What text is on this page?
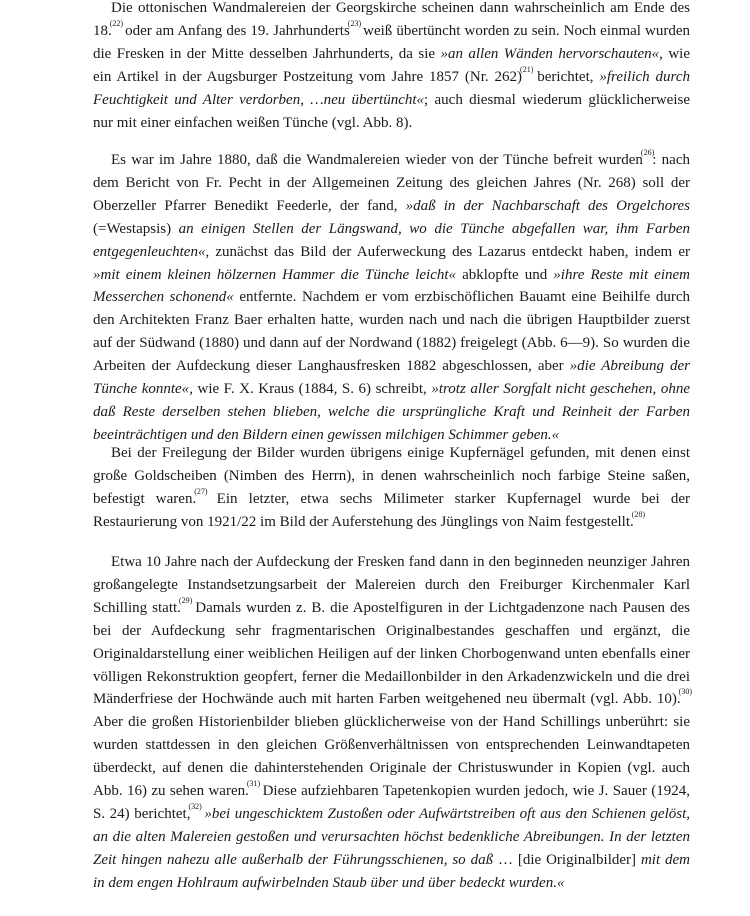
Die ottonischen Wandmalereien der Georgskirche scheinen dann wahrscheinlich am Ende des 18.$^{(22)}$ oder am Anfang des 19. Jahrhunderts$^{(23)}$ weiß übertüncht worden zu sein. Noch einmal wurden die Fresken in der Mitte desselben Jahrhunderts, da sie »an allen Wänden hervorschauten«, wie ein Artikel in der Augsburger Postzeitung vom Jahre 1857 (Nr. 262)$^{(21)}$ berichtet, »freilich durch Feuchtigkeit und Alter verdorben, …neu übertüncht«; auch diesmal wiederum glücklicherweise nur mit einer einfachen weißen Tünche (vgl. Abb. 8).

Es war im Jahre 1880, daß die Wandmalereien wieder von der Tünche befreit wurden$^{(26)}$: nach dem Bericht von Fr. Pecht in der Allgemeinen Zeitung des gleichen Jahres (Nr. 268) soll der Oberzeller Pfarrer Benedikt Feederle, der fand, »daß in der Nachbarschaft des Orgelchores (=Westapsis) an einigen Stellen der Längswand, wo die Tünche abgefallen war, ihm Farben entgegenleuchten«, zunächst das Bild der Auferweckung des Lazarus entdeckt haben, indem er »mit einem kleinen hölzernen Hammer die Tünche leicht« abklopfte und »ihre Reste mit einem Messerchen schonend« entfernte. Nachdem er vom erzbischöflichen Bauamt eine Beihilfe durch den Architekten Franz Baer erhalten hatte, wurden nach und nach die übrigen Hauptbilder zuerst auf der Südwand (1880) und dann auf der Nordwand (1882) freigelegt (Abb. 6—9). So wurden die Arbeiten der Aufdeckung dieser Langhausfresken 1882 abgeschlossen, aber »die Abreibung der Tünche konnte«, wie F. X. Kraus (1884, S. 6) schreibt, »trotz aller Sorgfalt nicht geschehen, ohne daß Reste derselben stehen blieben, welche die ursprüngliche Kraft und Reinheit der Farben beeinträchtigen und den Bildern einen gewissen milchigen Schimmer geben.«

Bei der Freilegung der Bilder wurden übrigens einige Kupfernägel gefunden, mit denen einst große Goldscheiben (Nimben des Herrn), in denen wahrscheinlich noch farbige Steine saßen, befestigt waren.$^{(27)}$ Ein letzter, etwa sechs Milimeter starker Kupfernagel wurde bei der Restaurierung von 1921/22 im Bild der Auferstehung des Jünglings von Naim festgestellt.$^{(28)}$

Etwa 10 Jahre nach der Aufdeckung der Fresken fand dann in den beginneden neunziger Jahren großangelegte Instandsetzungsarbeit der Malereien durch den Freiburger Kirchenmaler Karl Schilling statt.$^{(29)}$ Damals wurden z. B. die Apostelfiguren in der Lichtgadenzone nach Pausen des bei der Aufdeckung sehr fragmentarischen Originalbestandes geschaffen und ergänzt, die Originaldarstellung einer weiblichen Heiligen auf der linken Chorbogenwand unten ebenfalls einer völligen Rekonstruktion geopfert, ferner die Medaillonbilder in den Arkadenzwickeln und die drei Mänderfriese der Hochwände auch mit harten Farben weitgehened neu übermalt (vgl. Abb. 10).$^{(30)}$ Aber die großen Historienbilder blieben glücklicherweise von der Hand Schillings unberührt: sie wurden stattdessen in den gleichen Größenverhältnissen von entsprechenden Leinwandtapeten überdeckt, auf denen die dahinterstehenden Originale der Christuswunder in Kopien (vgl. auch Abb. 16) zu sehen waren.$^{(31)}$ Diese aufziehbaren Tapetenkopien wurden jedoch, wie J. Sauer (1924, S. 24) berichtet,$^{(32)}$ »bei ungeschicktem Zustoßen oder Aufwärtstreiben oft aus den Schienen gelöst, an die alten Malereien gestoßen und verursachten höchst bedenkliche Abreibungen. In der letzten Zeit hingen nahezu alle außerhalb der Führungsschienen, so daß … [die Originalbilder] mit dem in dem engen Hohlraum aufwirbelnden Staub über und über bedeckt wurden.«
